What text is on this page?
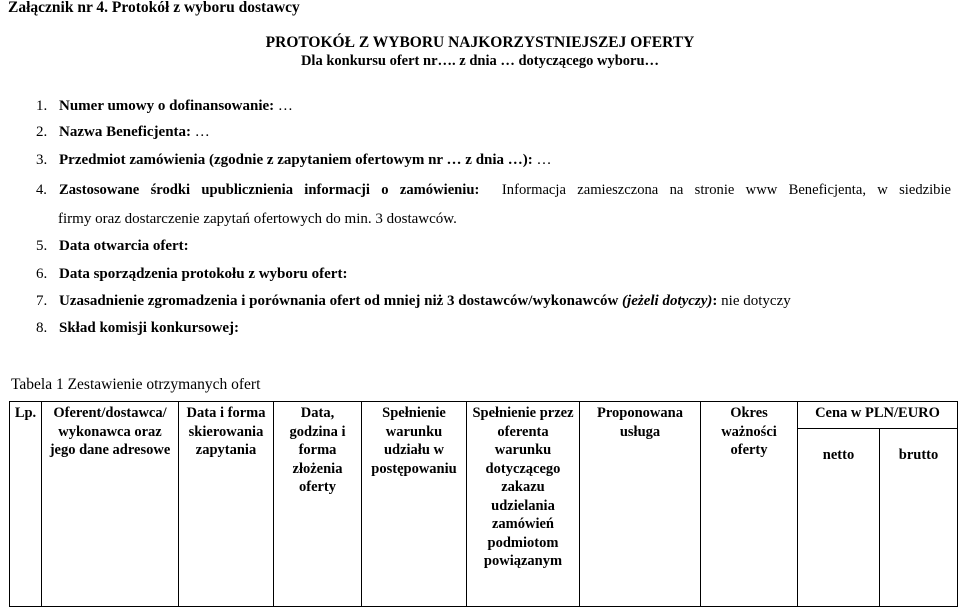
Załącznik nr 4. Protokół z wyboru dostawcy
PROTOKÓŁ Z WYBORU NAJKORZYSTNIEJSZEJ OFERTY
Dla konkursu ofert nr…. z dnia … dotyczącego wyboru…
1. Numer umowy o dofinansowanie: …
2. Nazwa Beneficjenta: …
3. Przedmiot zamówienia (zgodnie z zapytaniem ofertowym nr … z dnia …): …
4. Zastosowane środki upublicznienia informacji o zamówieniu: Informacja zamieszczona na stronie www Beneficjenta, w siedzibie
firmy oraz dostarczenie zapytań ofertowych do min. 3 dostawców.
5. Data otwarcia ofert:
6. Data sporządzenia protokołu z wyboru ofert:
7. Uzasadnienie zgromadzenia i porównania ofert od mniej niż 3 dostawców/wykonawców (jeżeli dotyczy): nie dotyczy
8. Skład komisji konkursowej:
Tabela 1 Zestawienie otrzymanych ofert
Lp.	Oferent/dostawca/ wykonawca oraz jego dane adresowe	Data i forma skierowania zapytania	Data, godzina i forma złożenia oferty	Spełnienie warunku udziału w postępowaniu	Spełnienie przez oferenta warunku dotyczącego zakazu udzielania zamówień podmiotom powiązanym	Proponowana usługa	Okres ważności oferty	Cena w PLN/EURO	
								netto	brutto
